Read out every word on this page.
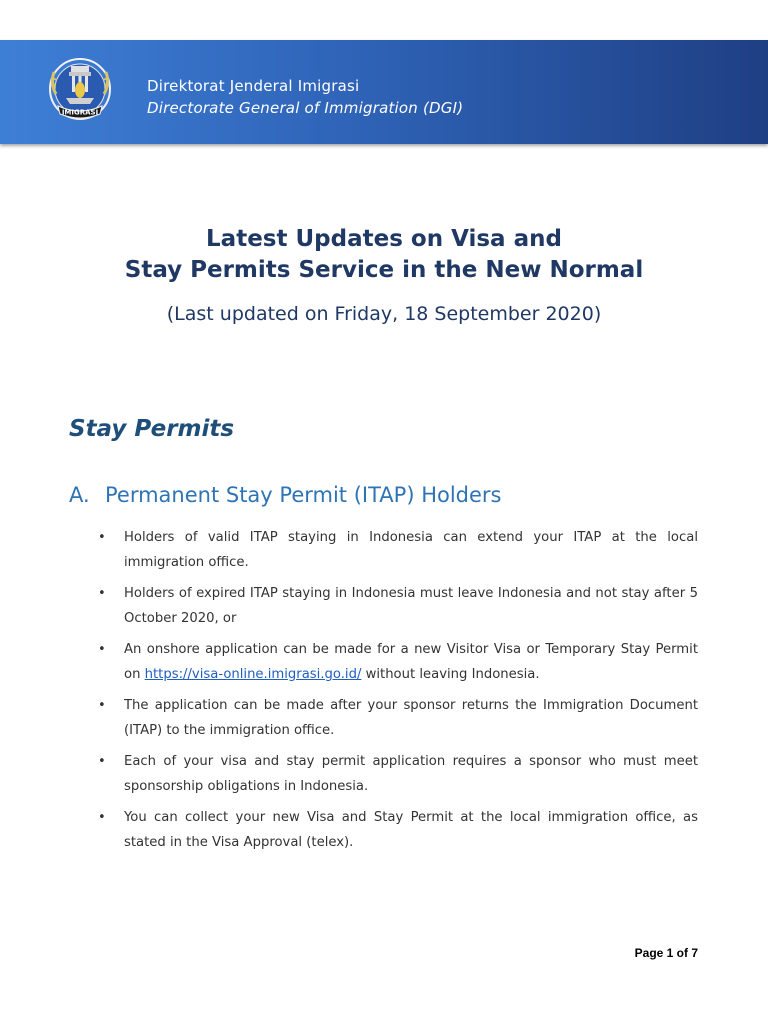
IMIGRASI
Direktorat Jenderal Imigrasi
Directorate General of Immigration (DGI)
Latest Updates on Visa and
Stay Permits Service in the New Normal
(Last updated on Friday, 18 September 2020)
Stay Permits
A. Permanent Stay Permit (ITAP) Holders
• Holders of valid ITAP staying in Indonesia can extend your ITAP at the local immigration office.
• Holders of expired ITAP staying in Indonesia must leave Indonesia and not stay after 5 October 2020, or
• An onshore application can be made for a new Visitor Visa or Temporary Stay Permit on https://visa-online.imigrasi.go.id/ without leaving Indonesia.
• The application can be made after your sponsor returns the Immigration Document (ITAP) to the immigration office.
• Each of your visa and stay permit application requires a sponsor who must meet sponsorship obligations in Indonesia.
• You can collect your new Visa and Stay Permit at the local immigration office, as stated in the Visa Approval (telex).
Page 1 of 7
